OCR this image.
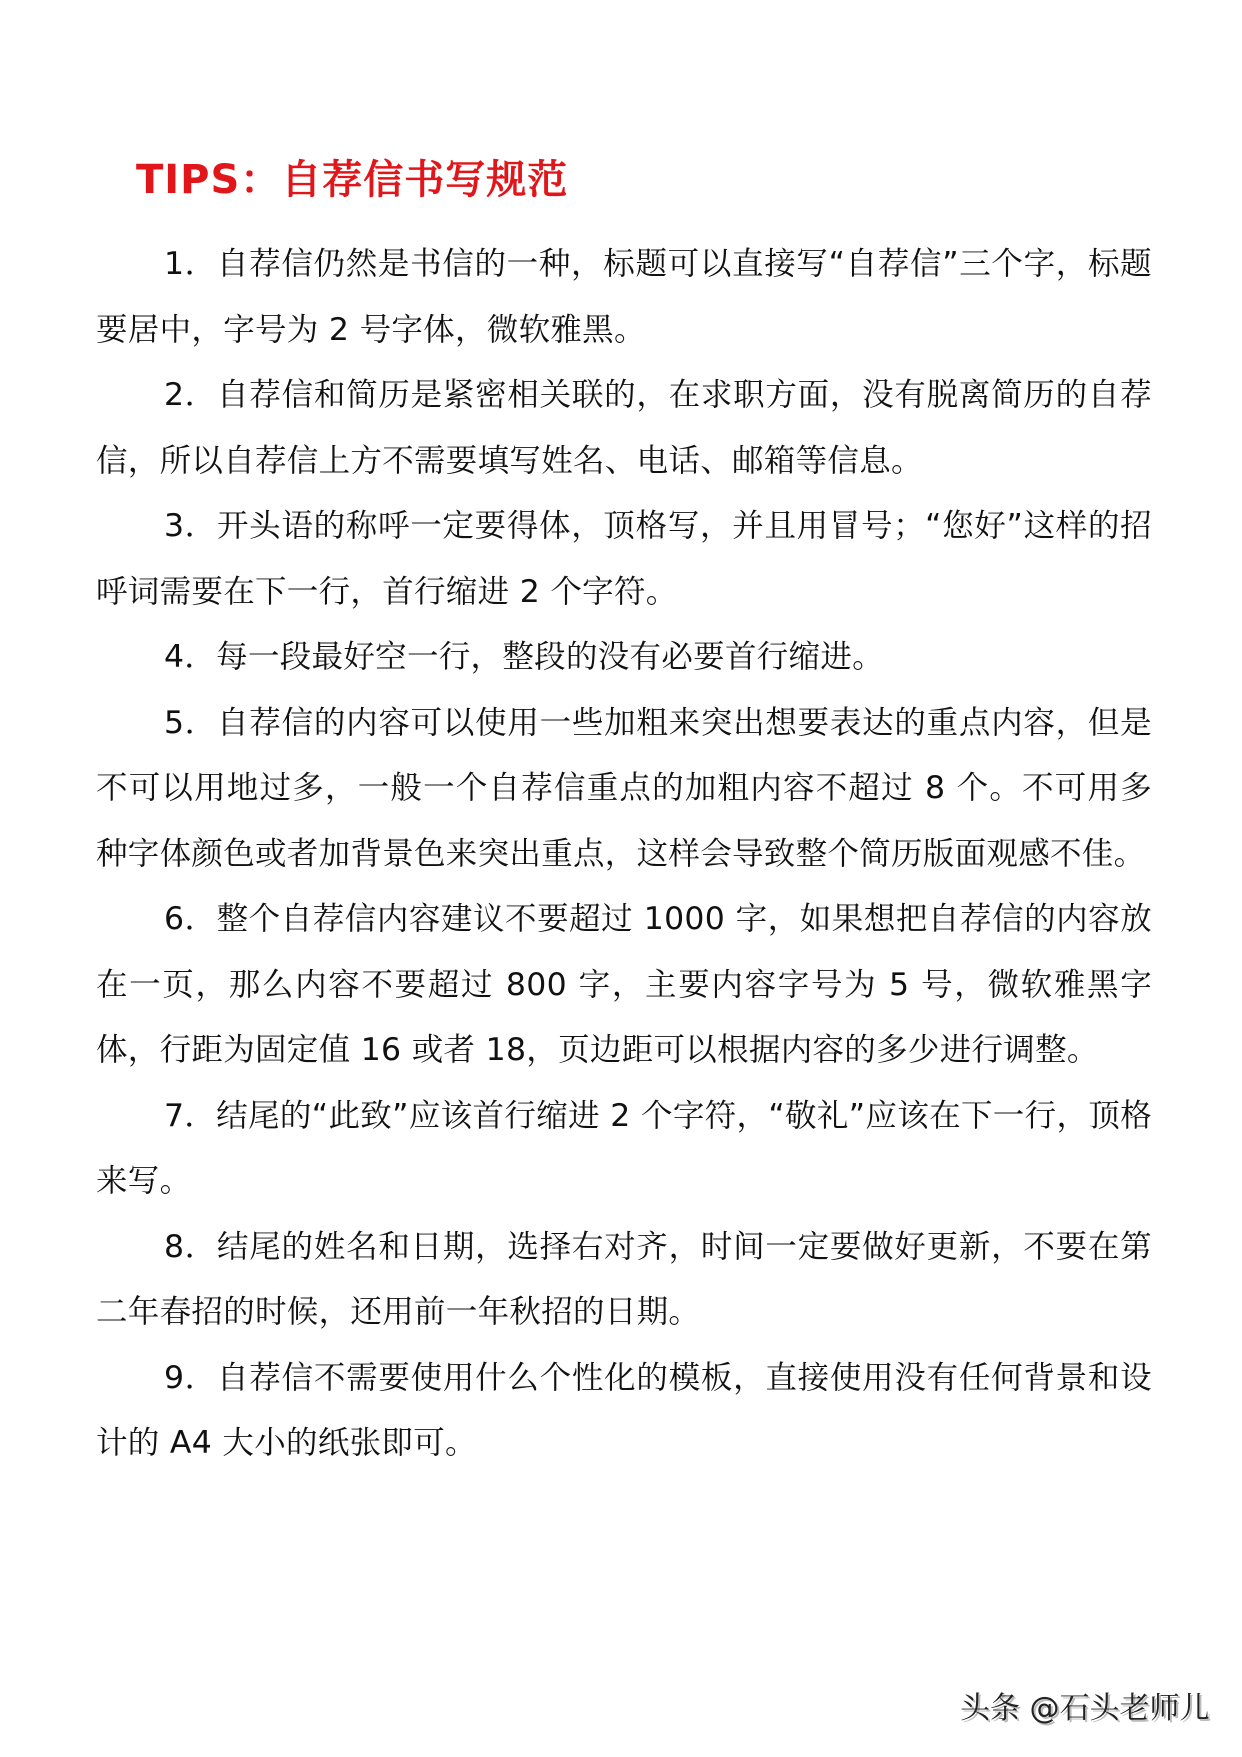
TIPS：自荐信书写规范

1．自荐信仍然是书信的一种，标题可以直接写“自荐信”三个字，标题要居中，字号为 2 号字体，微软雅黑。

2．自荐信和简历是紧密相关联的，在求职方面，没有脱离简历的自荐信，所以自荐信上方不需要填写姓名、电话、邮箱等信息。

3．开头语的称呼一定要得体，顶格写，并且用冒号；“您好”这样的招呼词需要在下一行，首行缩进 2 个字符。

4．每一段最好空一行，整段的没有必要首行缩进。

5．自荐信的内容可以使用一些加粗来突出想要表达的重点内容，但是不可以用地过多，一般一个自荐信重点的加粗内容不超过 8 个。不可用多种字体颜色或者加背景色来突出重点，这样会导致整个简历版面观感不佳。

6．整个自荐信内容建议不要超过 1000 字，如果想把自荐信的内容放在一页，那么内容不要超过 800 字，主要内容字号为 5 号，微软雅黑字体，行距为固定值 16 或者 18，页边距可以根据内容的多少进行调整。

7．结尾的“此致”应该首行缩进 2 个字符，“敬礼”应该在下一行，顶格来写。

8．结尾的姓名和日期，选择右对齐，时间一定要做好更新，不要在第二年春招的时候，还用前一年秋招的日期。

9．自荐信不需要使用什么个性化的模板，直接使用没有任何背景和设计的 A4 大小的纸张即可。

头条 @石头老师儿
